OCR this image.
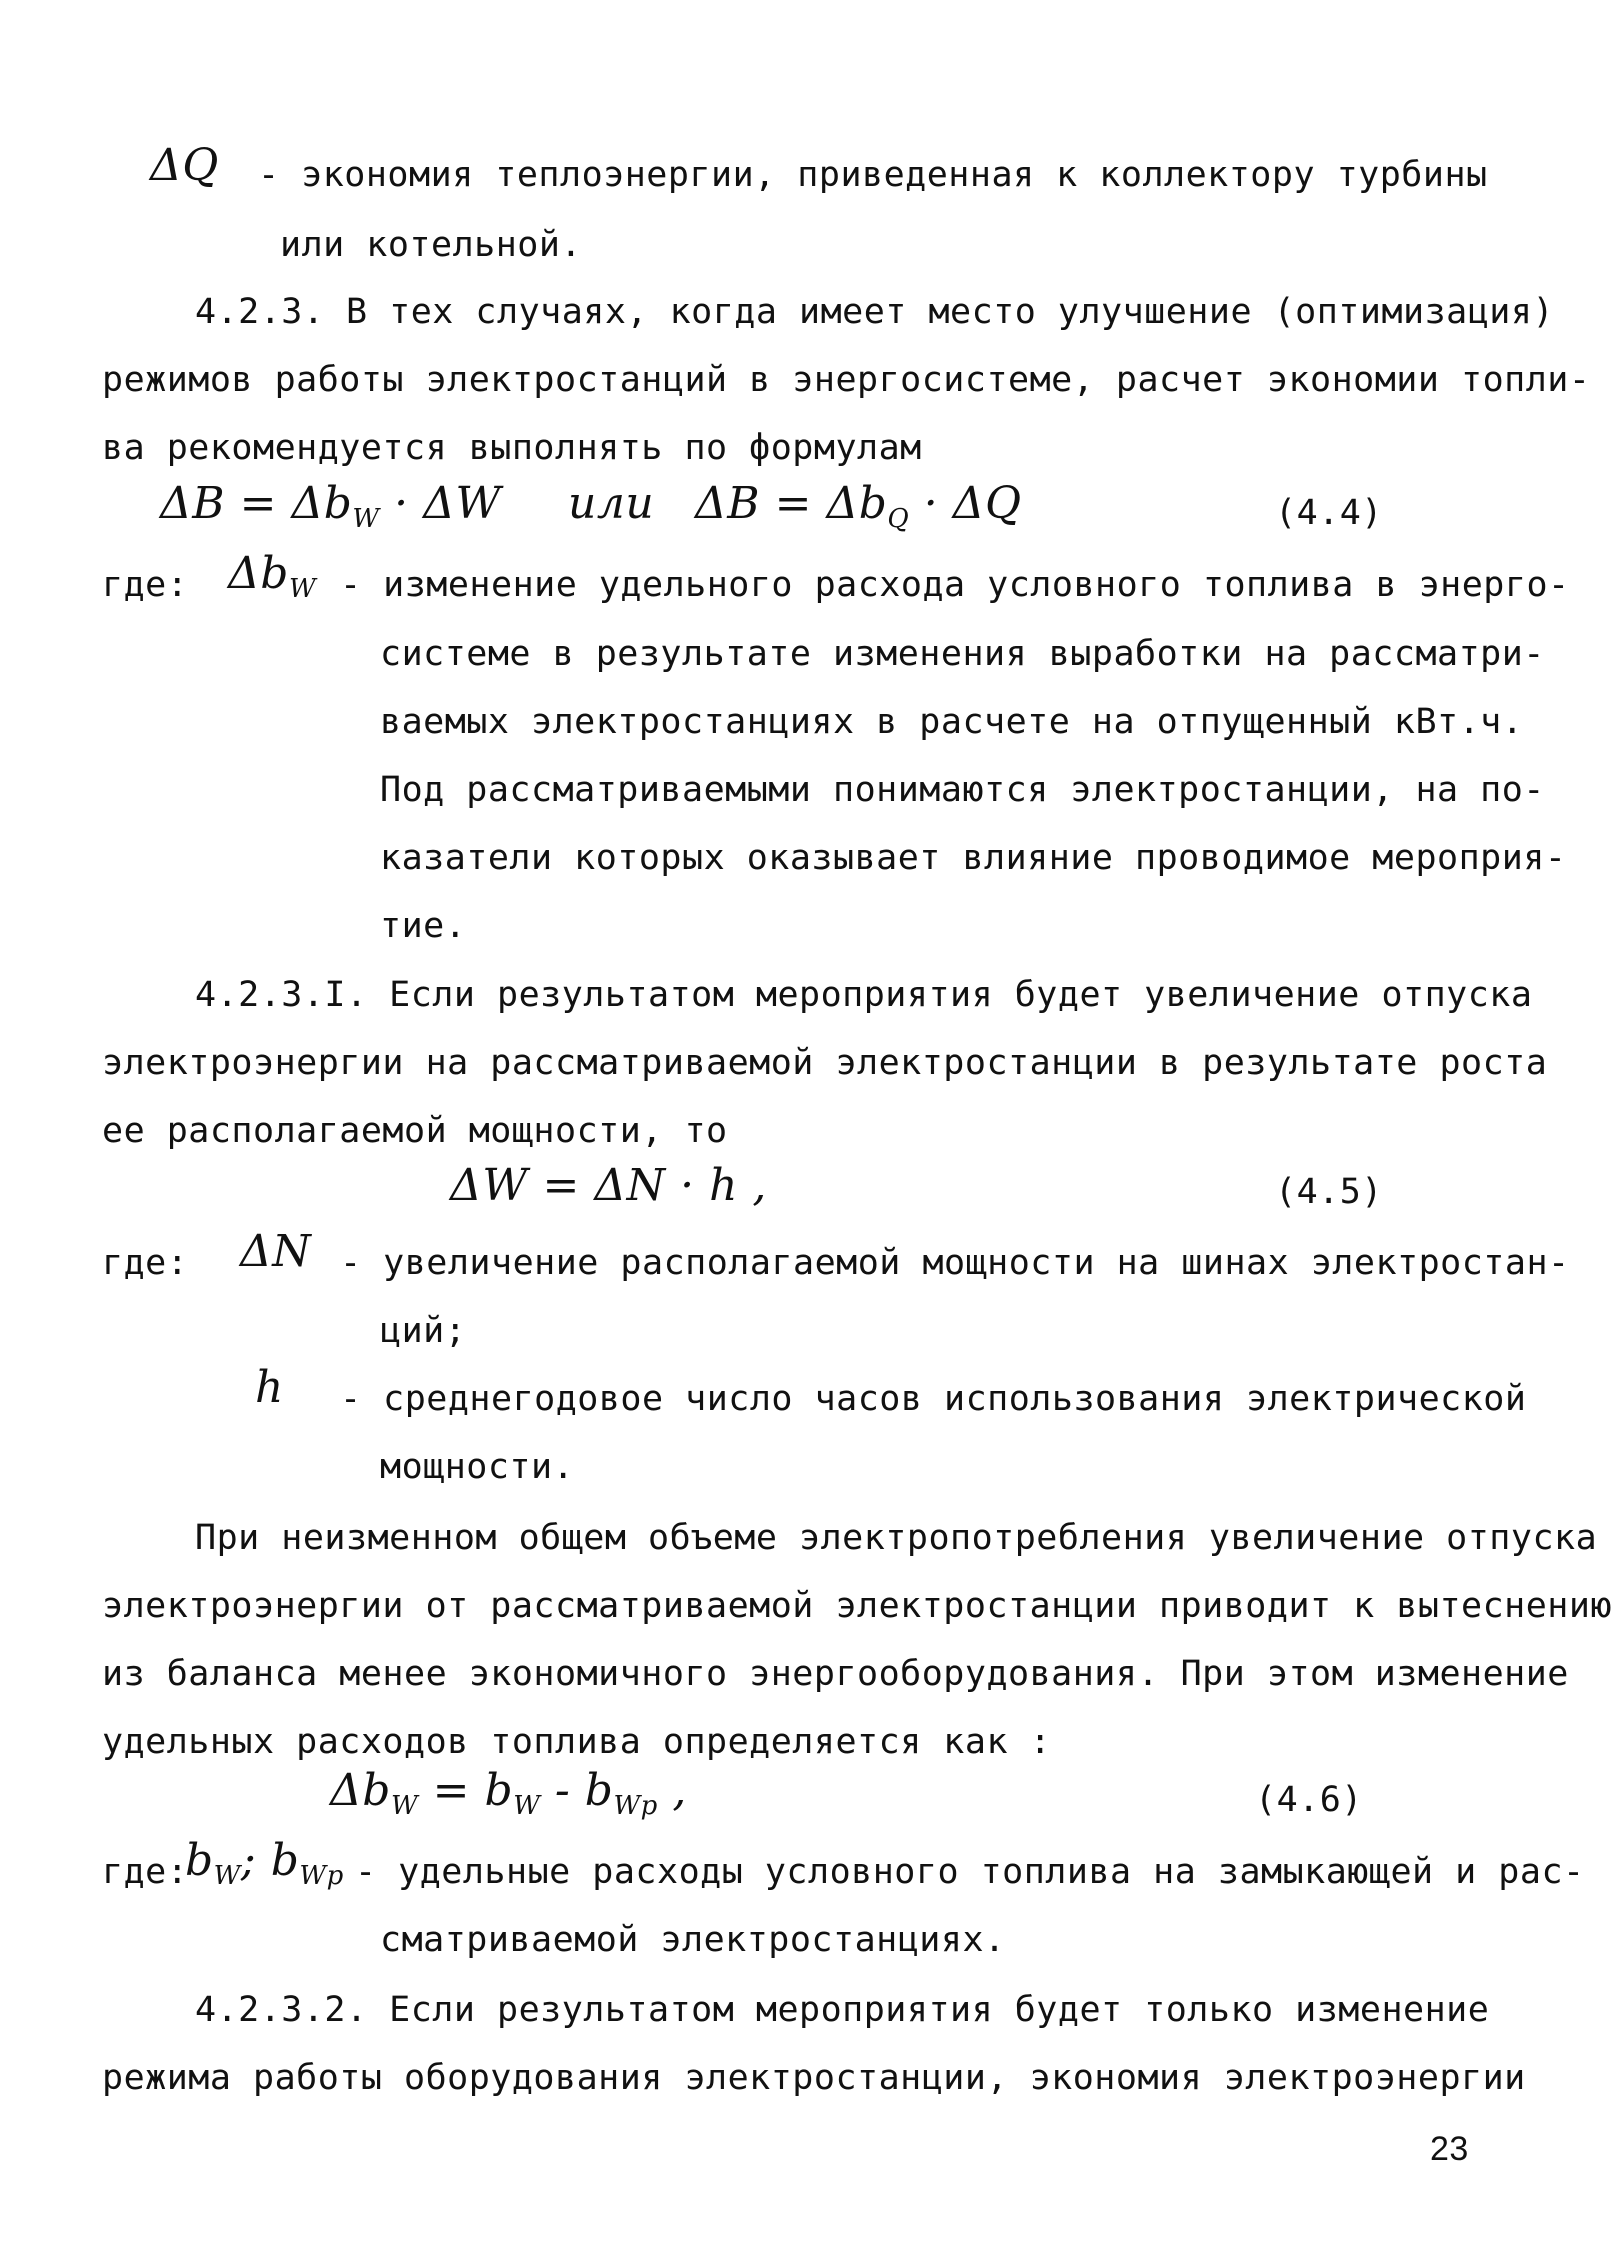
ΔQ - экономия теплоэнергии, приведенная к коллектору турбины
или котельной.
4.2.3. В тех случаях, когда имеет место улучшение (оптимизация)
режимов работы электростанций в энергосистеме, расчет экономии топли-
ва рекомендуется выполнять по формулам
$\Delta B = \Delta b_W \cdot \Delta W$ или $\Delta B = \Delta b_Q \cdot \Delta Q$	(4.4)
где: $\Delta b_W$ - изменение удельного расхода условного топлива в энерго-
системе в результате изменения выработки на рассматри-
ваемых электростанциях в расчете на отпущенный кВт.ч.
Под рассматриваемыми понимаются электростанции, на по-
казатели которых оказывает влияние проводимое мероприя-
тие.
4.2.3.I. Если результатом мероприятия будет увеличение отпуска
электроэнергии на рассматриваемой электростанции в результате роста
ее располагаемой мощности, то
ΔW = ΔN · h ,	(4.5)
где: ΔN - увеличение располагаемой мощности на шинах электростан-
ций;
h - среднегодовое число часов использования электрической
мощности.
При неизменном общем объеме электропотребления увеличение отпуска
электроэнергии от рассматриваемой электростанции приводит к вытеснению
из баланса менее экономичного энергооборудования. При этом изменение
удельных расходов топлива определяется как :
$\Delta b_W = b_W - b_{Wp}$ ,	(4.6)
где:
$b_W$; $b_{Wp}$ - удельные расходы условного топлива на замыкающей и рас-
сматриваемой электростанциях.
4.2.3.2. Если результатом мероприятия будет только изменение
режима работы оборудования электростанции, экономия электроэнергии
23
